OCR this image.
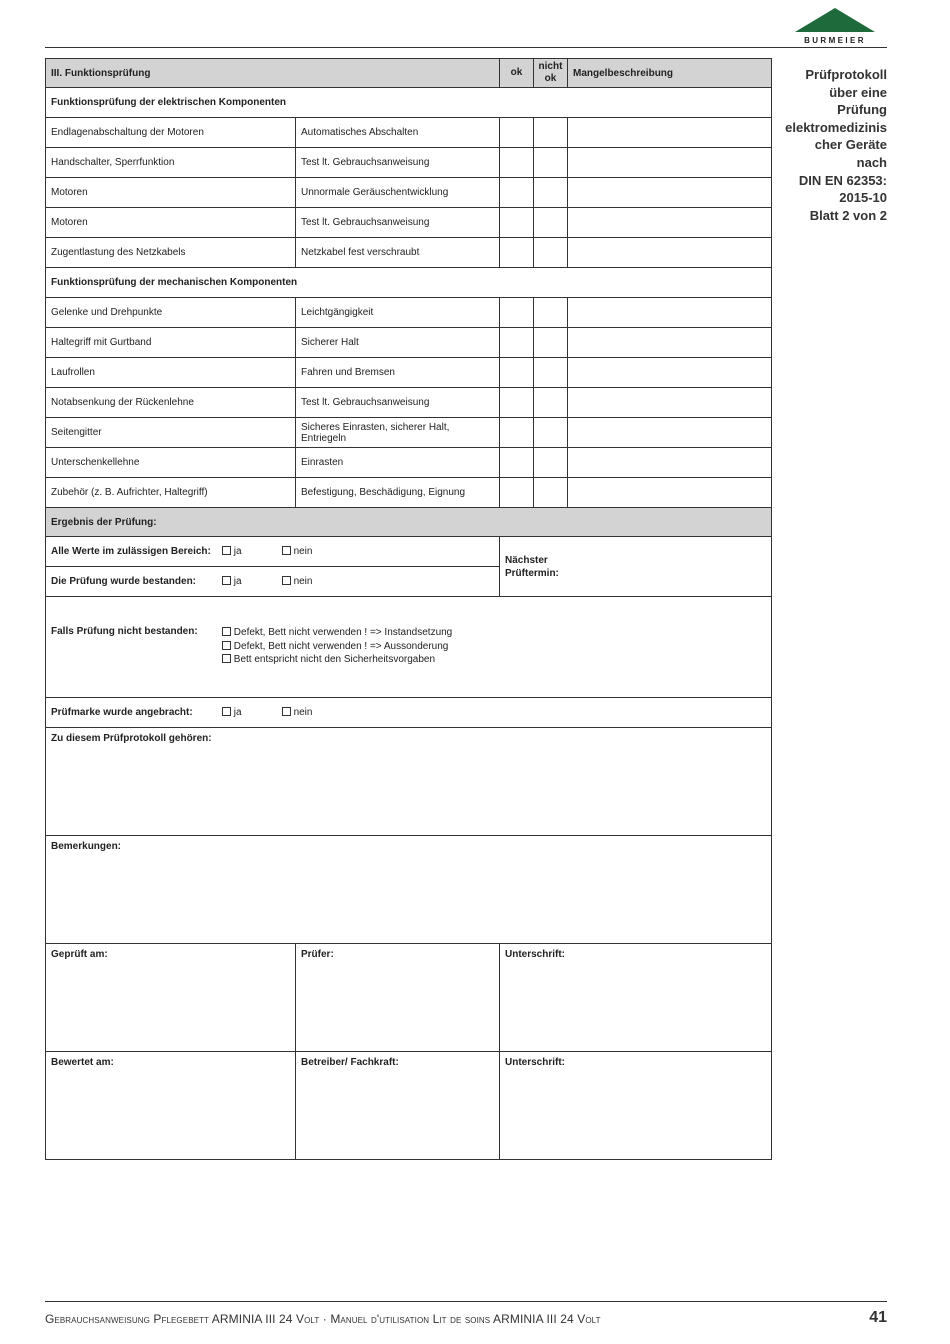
BURMEIER
Prüfprotokoll
über eine
Prüfung
elektromedizinis
cher Geräte
nach
DIN EN 62353:
2015-10
Blatt 2 von 2
III. Funktionsprüfung		ok	nicht
ok	Mangelbeschreibung
Funktionsprüfung der elektrischen Komponenten				
Endlagenabschaltung der Motoren	Automatisches Abschalten			
Handschalter, Sperrfunktion	Test lt. Gebrauchsanweisung			
Motoren	Unnormale Geräuschentwicklung			
Motoren	Test lt. Gebrauchsanweisung			
Zugentlastung des Netzkabels	Netzkabel fest verschraubt			
Funktionsprüfung der mechanischen Komponenten				
Gelenke und Drehpunkte	Leichtgängigkeit			
Haltegriff mit Gurtband	Sicherer Halt			
Laufrollen	Fahren und Bremsen			
Notabsenkung der Rückenlehne	Test lt. Gebrauchsanweisung			
Seitengitter	Sicheres Einrasten, sicherer Halt, Entriegeln			
Unterschenkellehne	Einrasten			
Zubehör (z. B. Aufrichter, Haltegriff)	Befestigung, Beschädigung, Eignung			
Ergebnis der Prüfung:				
Alle Werte im zulässigen Bereich: ja nein		Nächster
Prüftermin:		
Die Prüfung wurde bestanden: ja nein				
Falls Prüfung nicht bestanden: Defekt, Bett nicht verwenden ! => Instandsetzung
Defekt, Bett nicht verwenden ! => Aussonderung
Bett entspricht nicht den Sicherheitsvorgaben				
Prüfmarke wurde angebracht: ja nein				
Zu diesem Prüfprotokoll gehören:				
Bemerkungen:				
Geprüft am:	Prüfer:	Unterschrift:		
Bewertet am:	Betreiber/ Fachkraft:	Unterschrift:		
Gebrauchsanweisung Pflegebett ARMINIA III 24 Volt · Manuel d'utilisation Lit de soins ARMINIA III 24 Volt	41
